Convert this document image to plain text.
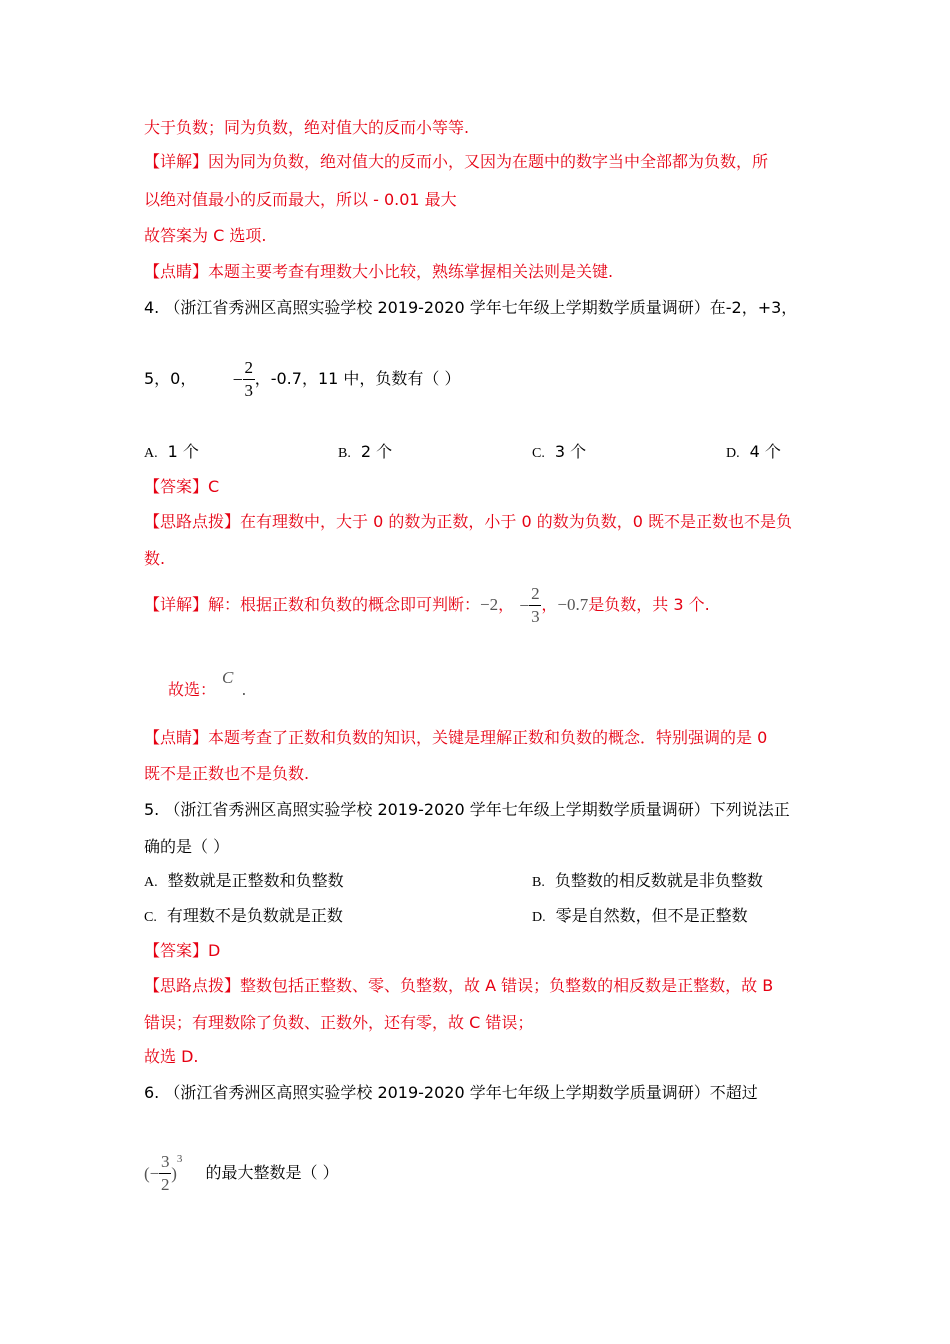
大于负数；同为负数，绝对值大的反而小等等.
【详解】因为同为负数，绝对值大的反而小，又因为在题中的数字当中全部都为负数，所
以绝对值最小的反而最大，所以 - 0.01 最大
故答案为 C 选项.
【点睛】本题主要考查有理数大小比较，熟练掌握相关法则是关键.
4. （浙江省秀洲区高照实验学校 2019-2020 学年七年级上学期数学质量调研）在-2，+3，
5，0， − $\frac{2}{3}$ ，-0.7，11 中，负数有（ ）
A. 1 个	B. 2 个	C. 3 个	D. 4 个
【答案】C
【思路点拨】在有理数中，大于 0 的数为正数，小于 0 的数为负数，0 既不是正数也不是负
数.
【详解】解：根据正数和负数的概念即可判断：−2， − $\frac{2}{3}$ ，−0.7是负数，共 3 个.
故选：C.
【点睛】本题考查了正数和负数的知识，关键是理解正数和负数的概念．特别强调的是 0
既不是正数也不是负数.
5. （浙江省秀洲区高照实验学校 2019-2020 学年七年级上学期数学质量调研）下列说法正
确的是（ ）
A. 整数就是正整数和负整数	B. 负整数的相反数就是非负整数
C. 有理数不是负数就是正数	D. 零是自然数，但不是正整数
【答案】D
【思路点拨】整数包括正整数、零、负整数，故 A 错误；负整数的相反数是正整数，故 B
错误；有理数除了负数、正数外，还有零，故 C 错误；
故选 D.
6. （浙江省秀洲区高照实验学校 2019-2020 学年七年级上学期数学质量调研）不超过
(− $\frac{3}{2} )^3$ 的最大整数是（ ）
